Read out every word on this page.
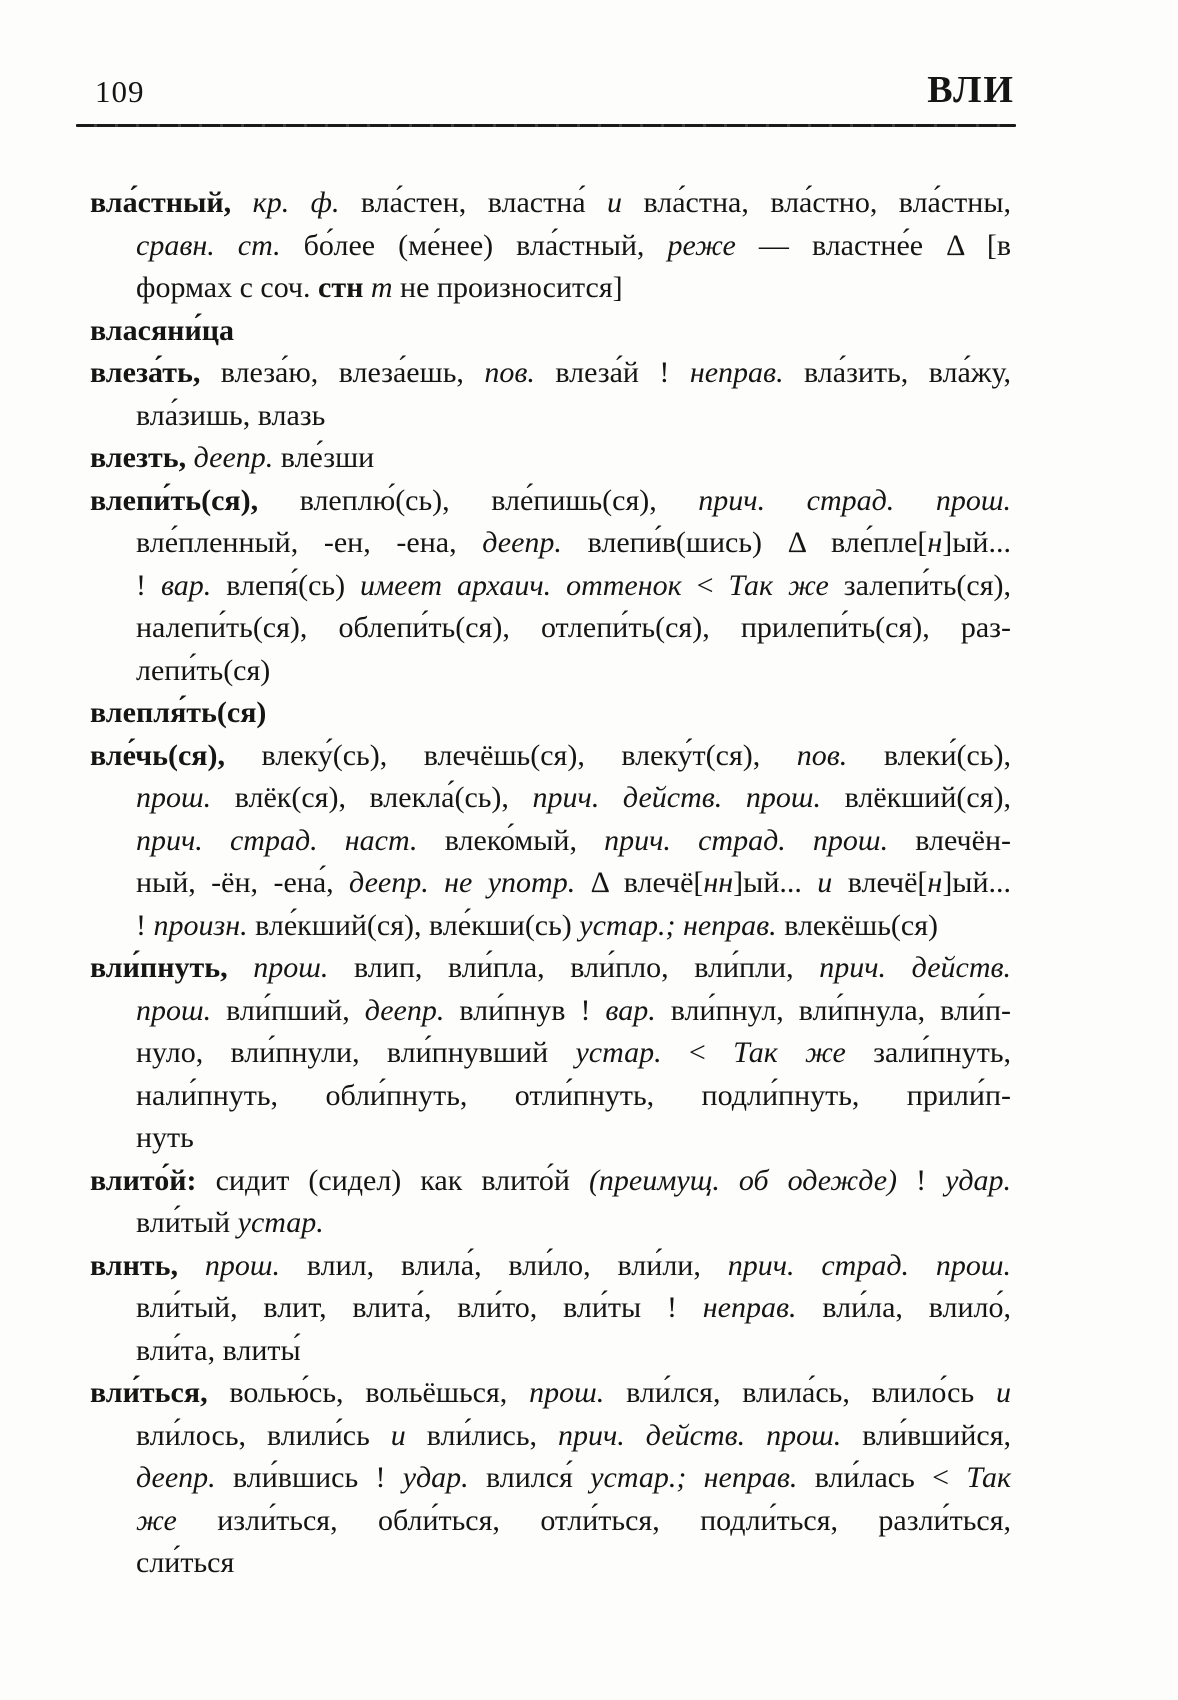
109	ВЛИ
вла́стный, кр. ф. вла́стен, властна́ и вла́стна, вла́стно, вла́стны,
сравн. ст. бо́лее (ме́нее) вла́стный, реже — властне́е Δ [в
формах с соч. стн т не произносится]
власяни́ца
влеза́ть, влеза́ю, влеза́ешь, пов. влеза́й ! неправ. вла́зить, вла́жу,
вла́зишь, влазь
влезть, деепр. вле́зши
влепи́ть(ся), влеплю́(сь), вле́пишь(ся), прич. страд. прош.
вле́пленный, -ен, -ена, деепр. влепи́в(шись) Δ вле́пле[н]ый...
! вар. влепя́(сь) имеет архаич. оттенок < Так же залепи́ть(ся),
налепи́ть(ся), облепи́ть(ся), отлепи́ть(ся), прилепи́ть(ся), раз-
лепи́ть(ся)
влепля́ть(ся)
вле́чь(ся), влеку́(сь), влечёшь(ся), влеку́т(ся), пов. влеки́(сь),
прош. влёк(ся), влекла́(сь), прич. действ. прош. влёкший(ся),
прич. страд. наст. влеко́мый, прич. страд. прош. влечён-
ный, -ён, -ена́, деепр. не употр. Δ влечё[нн]ый... и влечё[н]ый...
! произн. вле́кший(ся), вле́кши(сь) устар.; неправ. влекёшь(ся)
вли́пнуть, прош. влип, вли́пла, вли́пло, вли́пли, прич. действ.
прош. вли́пший, деепр. вли́пнув ! вар. вли́пнул, вли́пнула, вли́п-
нуло, вли́пнули, вли́пнувший устар. < Так же зали́пнуть,
нали́пнуть, обли́пнуть, отли́пнуть, подли́пнуть, прили́п-
нуть
влито́й: сидит (сидел) как влито́й (преимущ. об одежде) ! удар.
вли́тый устар.
влнть, прош. влил, влила́, вли́ло, вли́ли, прич. страд. прош.
вли́тый, влит, влита́, вли́то, вли́ты ! неправ. вли́ла, влило́,
вли́та, влиты́
вли́ться, волью́сь, вольёшься, прош. вли́лся, влила́сь, влило́сь и
вли́лось, влили́сь и вли́лись, прич. действ. прош. вли́вшийся,
деепр. вли́вшись ! удар. влился́ устар.; неправ. вли́лась < Так
же изли́ться, обли́ться, отли́ться, подли́ться, разли́ться,
сли́ться
